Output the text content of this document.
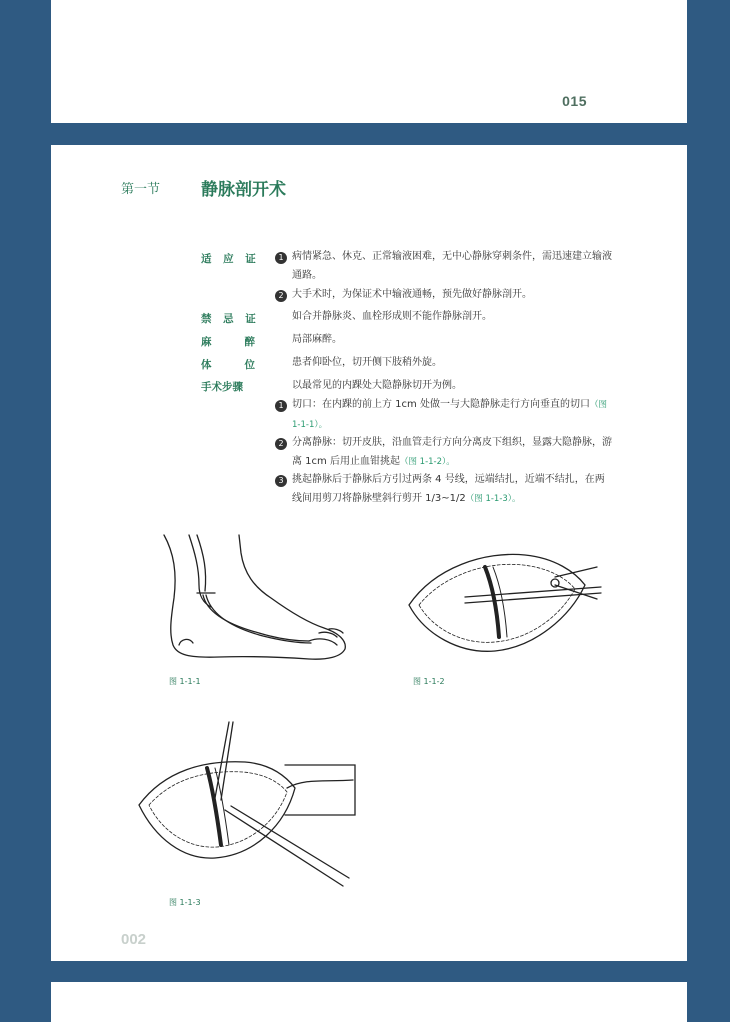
015
第一节 静脉剖开术
适 应 证	1 病情紧急、休克、正常输液困难，无中心静脉穿刺条件，需迅速建立输液通路。
2 大手术时，为保证术中输液通畅，预先做好静脉剖开。
禁 忌 证	如合并静脉炎、血栓形成则不能作静脉剖开。
麻　　醉	局部麻醉。
体　　位	患者仰卧位，切开侧下肢稍外旋。
手术步骤	以最常见的内踝处大隐静脉切开为例。
1 切口：在内踝的前上方 1cm 处做一与大隐静脉走行方向垂直的切口（图 1-1-1）。
2 分离静脉：切开皮肤，沿血管走行方向分离皮下组织，显露大隐静脉，游离 1cm 后用止血钳挑起（图 1-1-2）。
3 挑起静脉后于静脉后方引过两条 4 号线，远端结扎，近端不结扎，在两线间用剪刀将静脉壁斜行剪开 1/3~1/2（图 1-1-3）。
图 1-1-1	图 1-1-2
图 1-1-3
002
